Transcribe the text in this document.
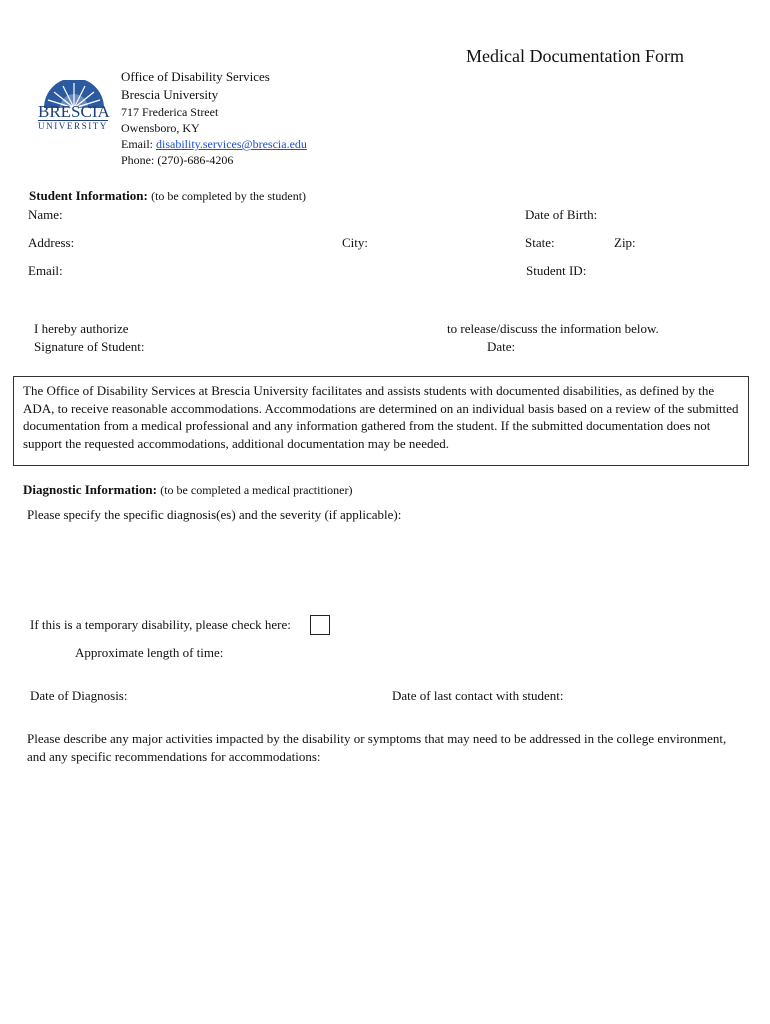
Medical Documentation Form
BRESCIA
UNIVERSITY
Office of Disability Services
Brescia University
717 Frederica Street
Owensboro, KY
Email: disability.services@brescia.edu
Phone: (270)-686-4206
Student Information: (to be completed by the student)
Name:	Date of Birth:
Address:	City:	State:	Zip:
Email:	Student ID:
I hereby authorize	to release/discuss the information below.
Signature of Student:	Date:
The Office of Disability Services at Brescia University facilitates and assists students with documented disabilities, as defined by the ADA, to receive reasonable accommodations. Accommodations are determined on an individual basis based on a review of the submitted documentation from a medical professional and any information gathered from the student. If the submitted documentation does not support the requested accommodations, additional documentation may be needed.
Diagnostic Information: (to be completed a medical practitioner)
Please specify the specific diagnosis(es) and the severity (if applicable):
If this is a temporary disability, please check here:
Approximate length of time:
Date of Diagnosis:	Date of last contact with student:
Please describe any major activities impacted by the disability or symptoms that may need to be addressed in the college environment, and any specific recommendations for accommodations:
